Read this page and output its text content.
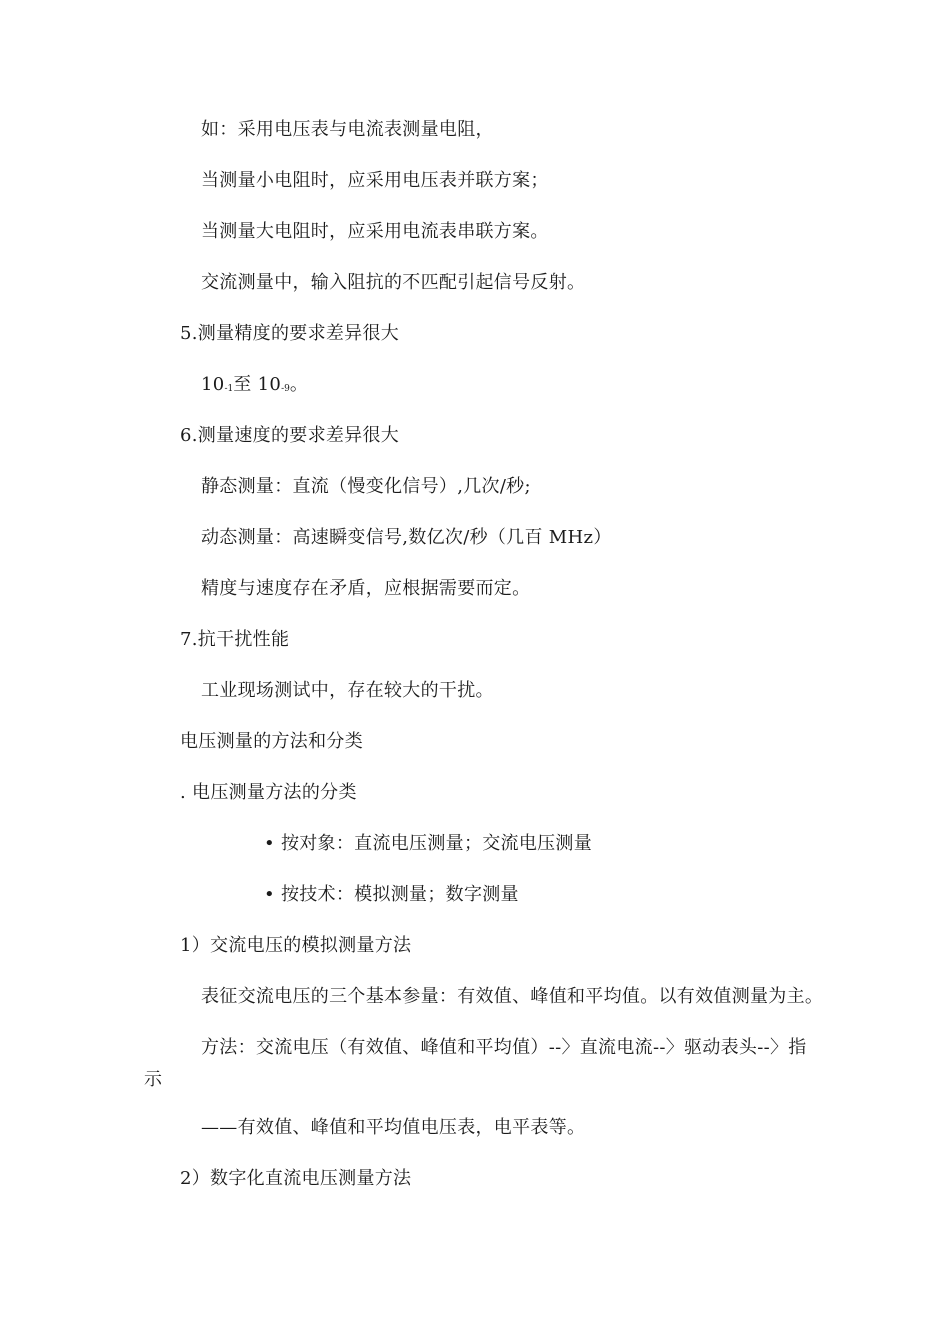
如：采用电压表与电流表测量电阻，
当测量小电阻时，应采用电压表并联方案；
当测量大电阻时，应采用电流表串联方案。
交流测量中，输入阻抗的不匹配引起信号反射。
5.测量精度的要求差异很大
10-1至 10-9。
6.测量速度的要求差异很大
静态测量：直流（慢变化信号）,几次/秒;
动态测量：高速瞬变信号,数亿次/秒（几百 MHz）
精度与速度存在矛盾，应根据需要而定。
7.抗干扰性能
工业现场测试中，存在较大的干扰。
电压测量的方法和分类
. 电压测量方法的分类
• 按对象：直流电压测量；交流电压测量
• 按技术：模拟测量；数字测量
1）交流电压的模拟测量方法
表征交流电压的三个基本参量：有效值、峰值和平均值。以有效值测量为主。
方法：交流电压（有效值、峰值和平均值）--〉直流电流--〉驱动表头--〉指
示
——有效值、峰值和平均值电压表，电平表等。
2）数字化直流电压测量方法
